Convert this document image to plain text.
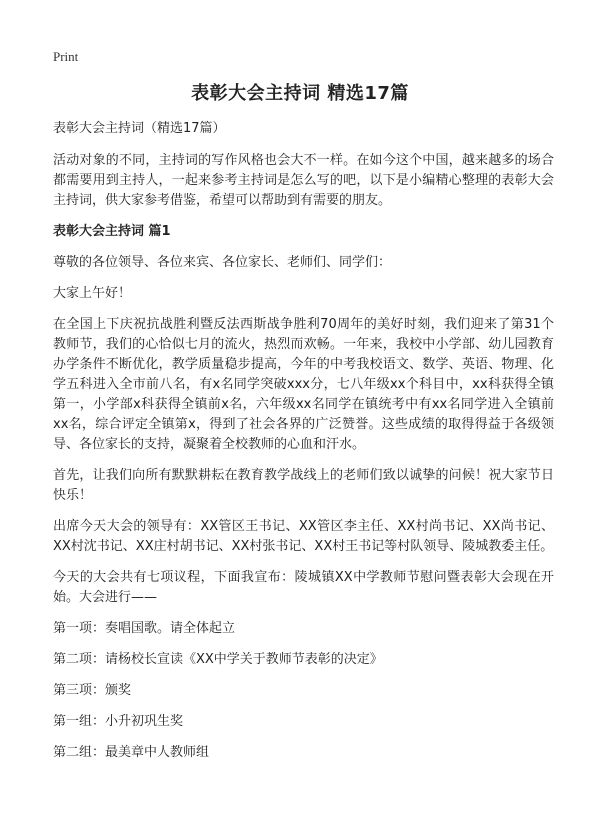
Print
表彰大会主持词 精选17篇

表彰大会主持词（精选17篇）

活动对象的不同，主持词的写作风格也会大不一样。在如今这个中国，越来越多的场合都需要用到主持人，一起来参考主持词是怎么写的吧，以下是小编精心整理的表彰大会主持词，供大家参考借鉴，希望可以帮助到有需要的朋友。

表彰大会主持词 篇1

尊敬的各位领导、各位来宾、各位家长、老师们、同学们：

大家上午好！

在全国上下庆祝抗战胜利暨反法西斯战争胜利70周年的美好时刻，我们迎来了第31个教师节，我们的心恰似七月的流火，热烈而欢畅。一年来，我校中小学部、幼儿园教育办学条件不断优化，教学质量稳步提高，今年的中考我校语文、数学、英语、物理、化学五科进入全市前八名，有x名同学突破xxx分，七八年级xx个科目中，xx科获得全镇第一，小学部x科获得全镇前x名，六年级xx名同学在镇统考中有xx名同学进入全镇前xx名，综合评定全镇第x，得到了社会各界的广泛赞誉。这些成绩的取得得益于各级领导、各位家长的支持，凝聚着全校教师的心血和汗水。

首先，让我们向所有默默耕耘在教育教学战线上的老师们致以诚挚的问候！祝大家节日快乐！

出席今天大会的领导有：XX管区王书记、XX管区李主任、XX村尚书记、XX尚书记、XX村沈书记、XX庄村胡书记、XX村张书记、XX村王书记等村队领导、陵城教委主任。

今天的大会共有七项议程，下面我宣布：陵城镇XX中学教师节慰问暨表彰大会现在开始。大会进行——

第一项：奏唱国歌。请全体起立

第二项：请杨校长宣读《XX中学关于教师节表彰的决定》

第三项：颁奖

第一组：小升初巩生奖

第二组：最美章中人教师组
